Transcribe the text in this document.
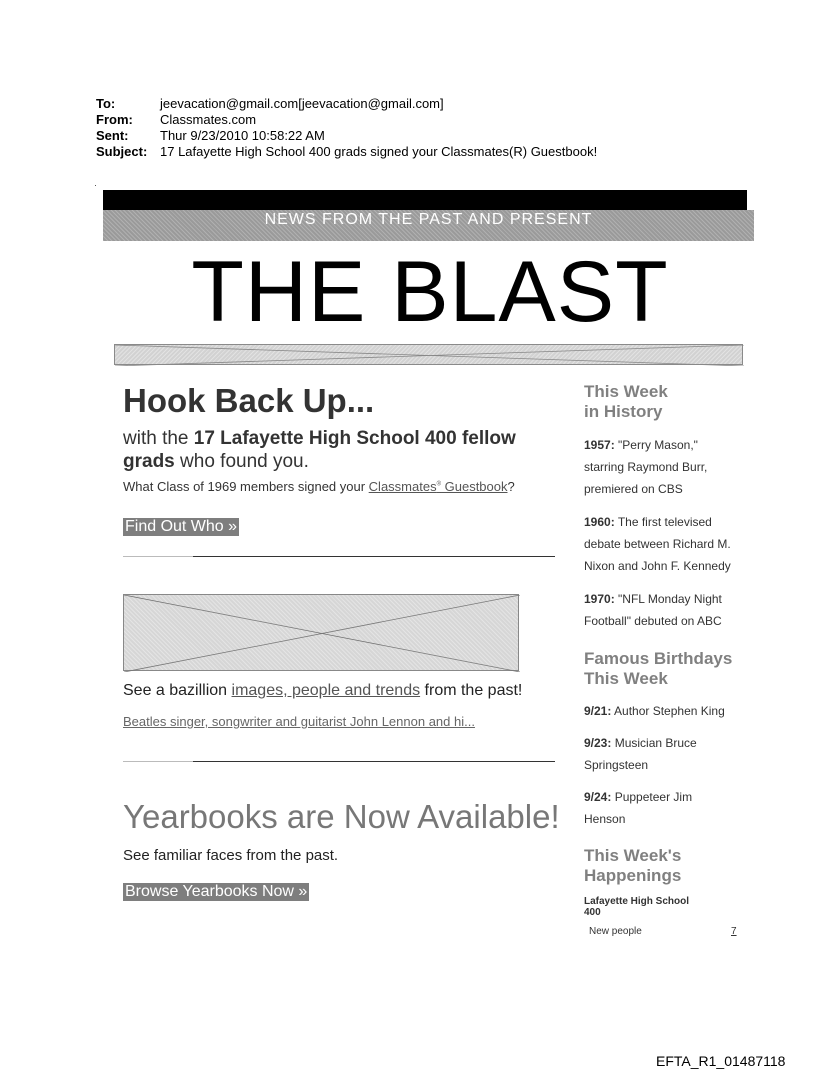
To:	jeevacation@gmail.com[jeevacation@gmail.com]
From:	Classmates.com
Sent:	Thur 9/23/2010 10:58:22 AM
Subject: 17 Lafayette High School 400 grads signed your Classmates(R) Guestbook!
NEWS FROM THE PAST AND PRESENT
THE BLAST
Hook Back Up...
with the 17 Lafayette High School 400 fellow grads who found you.
What Class of 1969 members signed your Classmates® Guestbook?
Find Out Who »
See a bazillion images, people and trends from the past!
Beatles singer, songwriter and guitarist John Lennon and hi...
Yearbooks are Now Available!
See familiar faces from the past.
Browse Yearbooks Now »
This Week
in History
1957: "Perry Mason,"
starring Raymond Burr,
premiered on CBS
1960: The first televised
debate between Richard M.
Nixon and John F. Kennedy
1970: "NFL Monday Night
Football" debuted on ABC
Famous Birthdays
This Week
9/21: Author Stephen King
9/23: Musician Bruce
Springsteen
9/24: Puppeteer Jim
Henson
This Week's
Happenings
Lafayette High School
400
New people	7
EFTA_R1_01487118
